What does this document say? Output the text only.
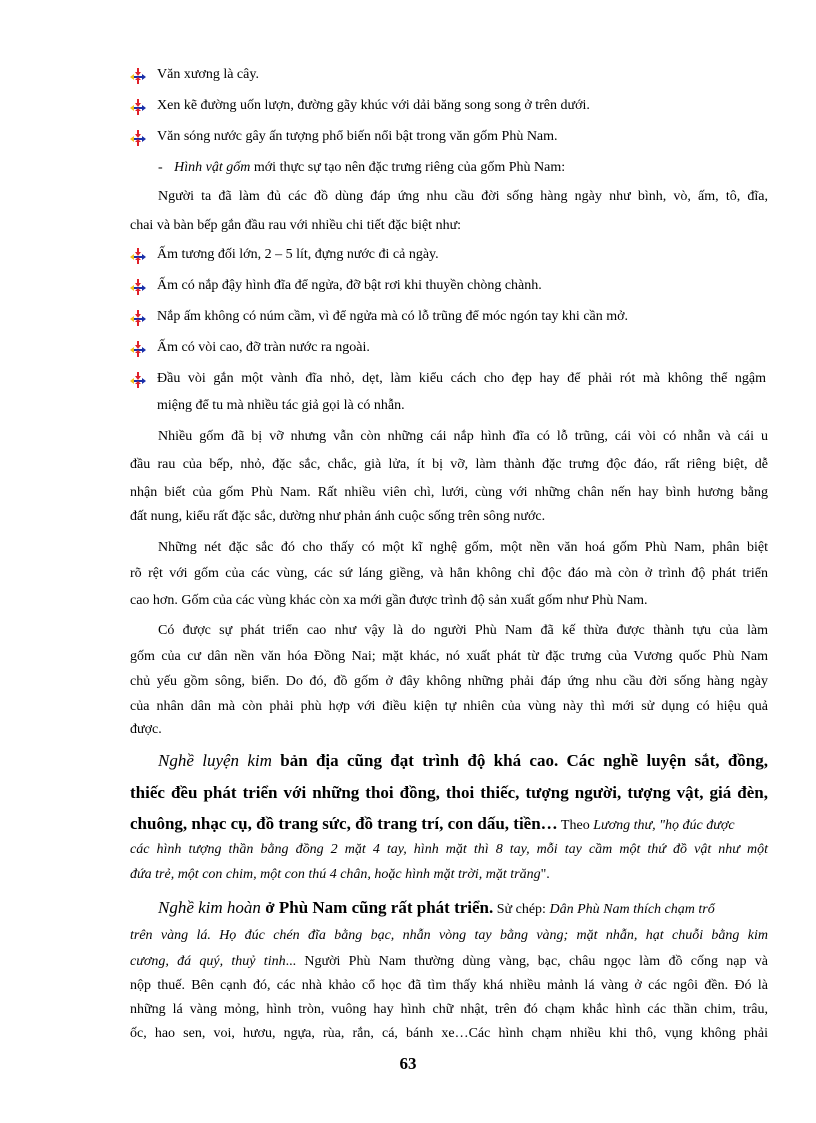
Văn xương là cây.
Xen kẽ đường uốn lượn, đường gãy khúc với dải băng song song ở trên dưới.
Văn sóng nước gây ấn tượng phổ biến nổi bật trong văn gốm Phù Nam.
- Hình vật gốm mới thực sự tạo nên đặc trưng riêng của gốm Phù Nam:
Người ta đã làm đủ các đồ dùng đáp ứng nhu cầu đời sống hàng ngày như bình, vò, ấm, tô, đĩa,
chai và bàn bếp gắn đầu rau với nhiều chi tiết đặc biệt như:
Ấm tương đối lớn, 2 – 5 lít, đựng nước đi cả ngày.
Ấm có nắp đậy hình đĩa để ngửa, đỡ bật rơi khi thuyền chòng chành.
Nắp ấm không có núm cầm, vì để ngửa mà có lỗ trũng để móc ngón tay khi cần mở.
Ấm có vòi cao, đỡ tràn nước ra ngoài.
Đầu vòi gắn một vành đĩa nhỏ, dẹt, làm kiểu cách cho đẹp hay để phải rót mà không thể ngậm
miệng để tu mà nhiều tác giả gọi là có nhẫn.
Nhiều gốm đã bị vỡ nhưng vẫn còn những cái nắp hình đĩa có lỗ trũng, cái vòi có nhẫn và cái u
đầu rau của bếp, nhỏ, đặc sắc, chắc, già lửa, ít bị vỡ, làm thành đặc trưng độc đáo, rất riêng biệt, dễ
nhận biết của gốm Phù Nam. Rất nhiều viên chì, lưới, cùng với những chân nến hay bình hương bằng
đất nung, kiểu rất đặc sắc, dường như phản ánh cuộc sống trên sông nước.
Những nét đặc sắc đó cho thấy có một kĩ nghệ gốm, một nền văn hoá gốm Phù Nam, phân biệt
rõ rệt với gốm của các vùng, các sứ láng giềng, và hẳn không chỉ độc đáo mà còn ở trình độ phát triển
cao hơn. Gốm của các vùng khác còn xa mới gần được trình độ sản xuất gốm như Phù Nam.
Có được sự phát triển cao như vậy là do người Phù Nam đã kế thừa được thành tựu của làm
gốm của cư dân nền văn hóa Đồng Nai; mặt khác, nó xuất phát từ đặc trưng của Vương quốc Phù Nam
chủ yếu gồm sông, biển. Do đó, đồ gốm ở đây không những phải đáp ứng nhu cầu đời sống hàng ngày
của nhân dân mà còn phải phù hợp với điều kiện tự nhiên của vùng này thì mới sử dụng có hiệu quả
được.
Nghề luyện kim bản địa cũng đạt trình độ khá cao. Các nghề luyện sắt, đồng,
thiếc đều phát triển với những thoi đồng, thoi thiếc, tượng người, tượng vật, giá đèn,
chuông, nhạc cụ, đồ trang sức, đồ trang trí, con dấu, tiền… Theo Lương thư, "họ đúc được
các hình tượng thần bằng đồng 2 mặt 4 tay, hình mặt thì 8 tay, mỗi tay cầm một thứ đồ vật như một
đứa trẻ, một con chim, một con thú 4 chân, hoặc hình mặt trời, mặt trăng".
Nghề kim hoàn ở Phù Nam cũng rất phát triển. Sử chép: Dân Phù Nam thích chạm trổ
trên vàng lá. Họ đúc chén đĩa bằng bạc, nhẫn vòng tay bằng vàng; mặt nhẫn, hạt chuỗi bằng kim
cương, đá quý, thuỷ tinh... Người Phù Nam thường dùng vàng, bạc, châu ngọc làm đồ cống nạp và
nộp thuế. Bên cạnh đó, các nhà khảo cổ học đã tìm thấy khá nhiều mảnh lá vàng ở các ngôi đền. Đó là
những lá vàng mỏng, hình tròn, vuông hay hình chữ nhật, trên đó chạm khắc hình các thần chim, trâu,
ốc, hao sen, voi, hươu, ngựa, rùa, rắn, cá, bánh xe…Các hình chạm nhiều khi thô, vụng không phải
63
